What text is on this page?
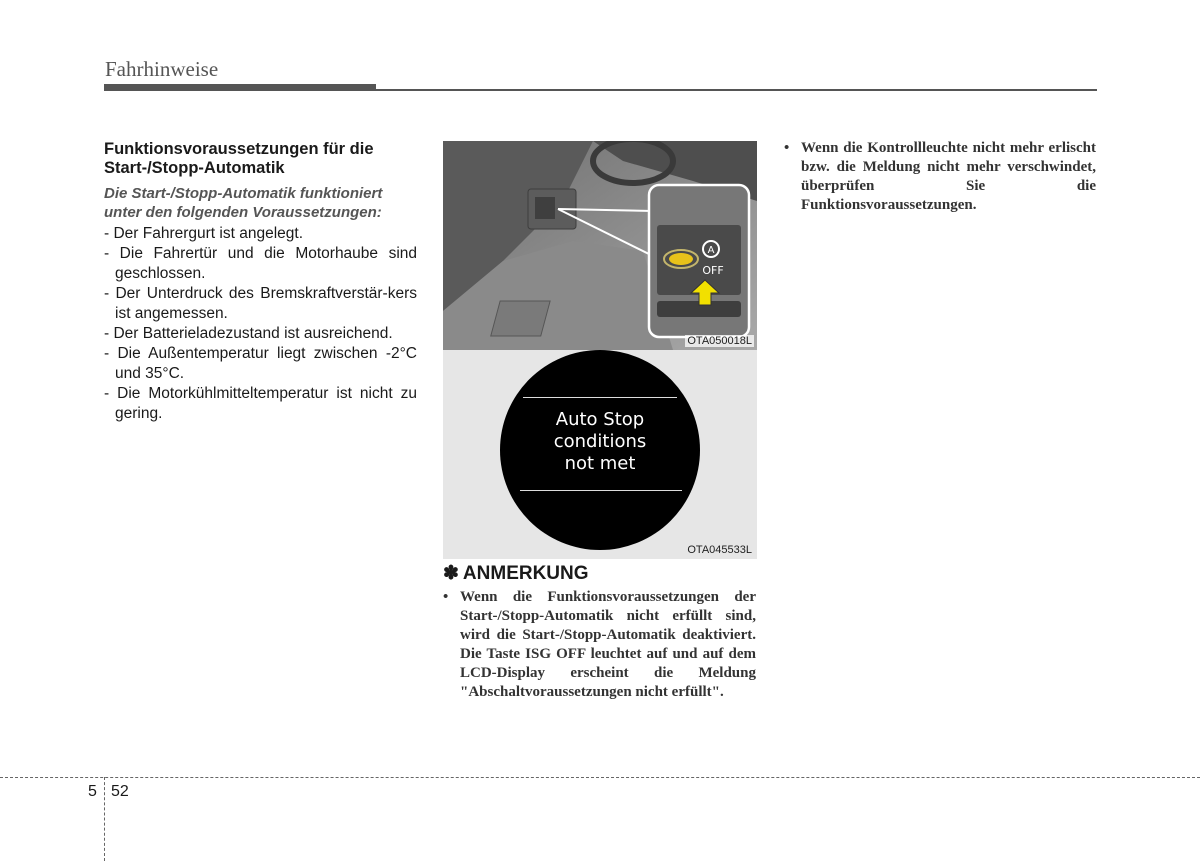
Fahrhinweise
Funktionsvoraussetzungen für die Start-/Stopp-Automatik

Die Start-/Stopp-Automatik funktioniert unter den folgenden Voraussetzungen:

- Der Fahrergurt ist angelegt.
- Die Fahrertür und die Motorhaube sind geschlossen.
- Der Unterdruck des Bremskraftverstär-kers ist angemessen.
- Der Batterieladezustand ist ausreichend.
- Die Außentemperatur liegt zwischen -2°C und 35°C.
- Die Motorkühlmitteltemperatur ist nicht zu gering.
A
OFF
OTA050018L
Auto Stop
conditions
not met
OTA045533L
✽ ANMERKUNG

• Wenn die Funktionsvoraussetzungen der Start-/Stopp-Automatik nicht erfüllt sind, wird die Start-/Stopp-Automatik deaktiviert. Die Taste ISG OFF leuchtet auf und auf dem LCD-Display erscheint die Meldung "Abschaltvoraussetzungen nicht erfüllt".

• Wenn die Kontrollleuchte nicht mehr erlischt bzw. die Meldung nicht mehr verschwindet, überprüfen Sie die Funktionsvoraussetzungen.

5 52
